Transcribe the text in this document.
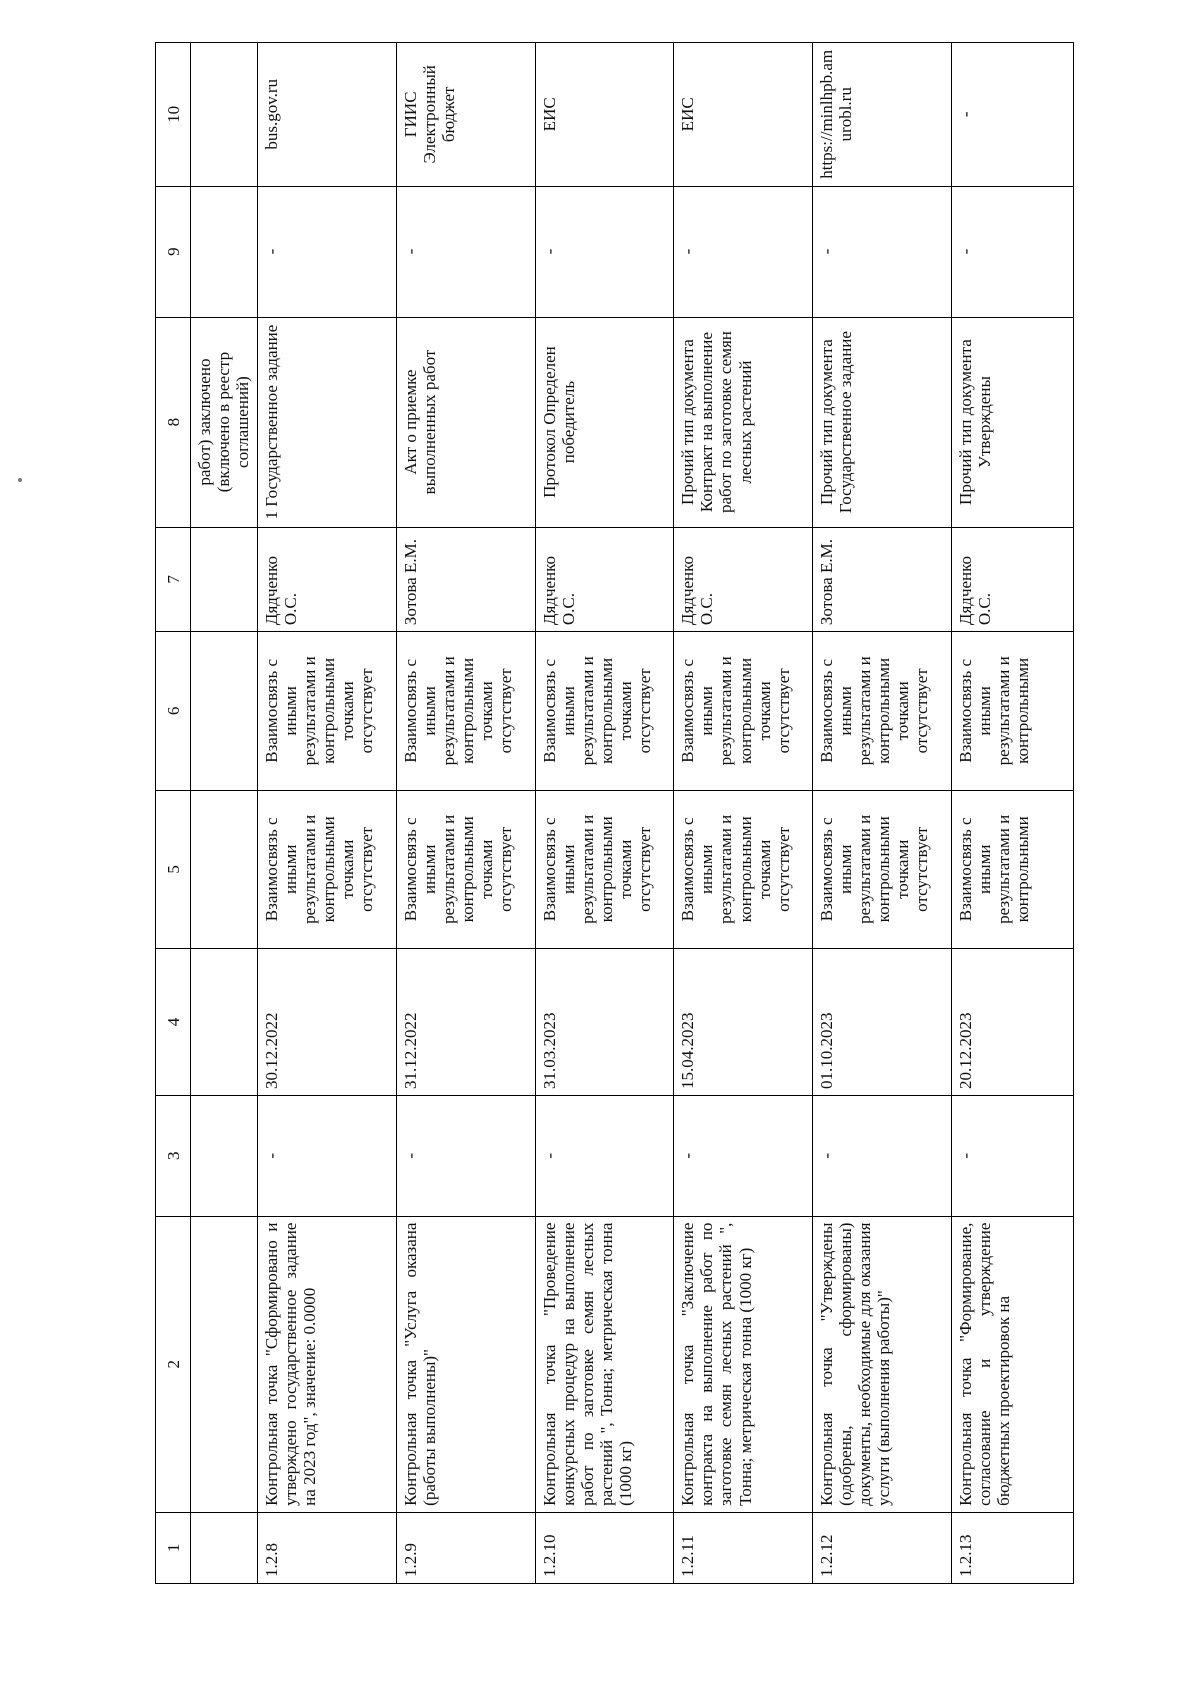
1	2	3	4	5	6	7	8	9	10
							работ) заключено (включено в реестр соглашений)		
1.2.8	Контрольная точка "Сформировано и утверждено государственное задание на 2023 год", значение: 0.0000	-	30.12.2022	Взаимосвязь с иными результатами и контрольными точками отсутствует	Взаимосвязь с иными результатами и контрольными точками отсутствует	Дядченко О.С.	1 Государственное задание	-	bus.gov.ru
1.2.9	Контрольная точка "Услуга оказана (работы выполнены)"	-	31.12.2022	Взаимосвязь с иными результатами и контрольными точками отсутствует	Взаимосвязь с иными результатами и контрольными точками отсутствует	Зотова Е.М.	Акт о приемке выполненных работ	-	ГИИС Электронный бюджет
1.2.10	Контрольная точка "Проведение конкурсных процедур на выполнение работ по заготовке семян лесных растений ", Тонна; метрическая тонна (1000 кг)	-	31.03.2023	Взаимосвязь с иными результатами и контрольными точками отсутствует	Взаимосвязь с иными результатами и контрольными точками отсутствует	Дядченко О.С.	Протокол Определен победитель	-	ЕИС
1.2.11	Контрольная точка "Заключение контракта на выполнение работ по заготовке семян лесных растений ", Тонна; метрическая тонна (1000 кг)	-	15.04.2023	Взаимосвязь с иными результатами и контрольными точками отсутствует	Взаимосвязь с иными результатами и контрольными точками отсутствует	Дядченко О.С.	Прочий тип документа Контракт на выполнение работ по заготовке семян лесных растений	-	ЕИС
1.2.12	Контрольная точка "Утверждены (одобрены, сформированы) документы, необходимые для оказания услуги (выполнения работы)"	-	01.10.2023	Взаимосвязь с иными результатами и контрольными точками отсутствует	Взаимосвязь с иными результатами и контрольными точками отсутствует	Зотова Е.М.	Прочий тип документа Государственное задание	-	https://minlhpb.amurobl.ru
1.2.13	Контрольная точка "Формирование, согласование и утверждение бюджетных проектировок на	-	20.12.2023	Взаимосвязь с иными результатами и контрольными	Взаимосвязь с иными результатами и контрольными	Дядченко О.С.	Прочий тип документа Утверждены	-	-
